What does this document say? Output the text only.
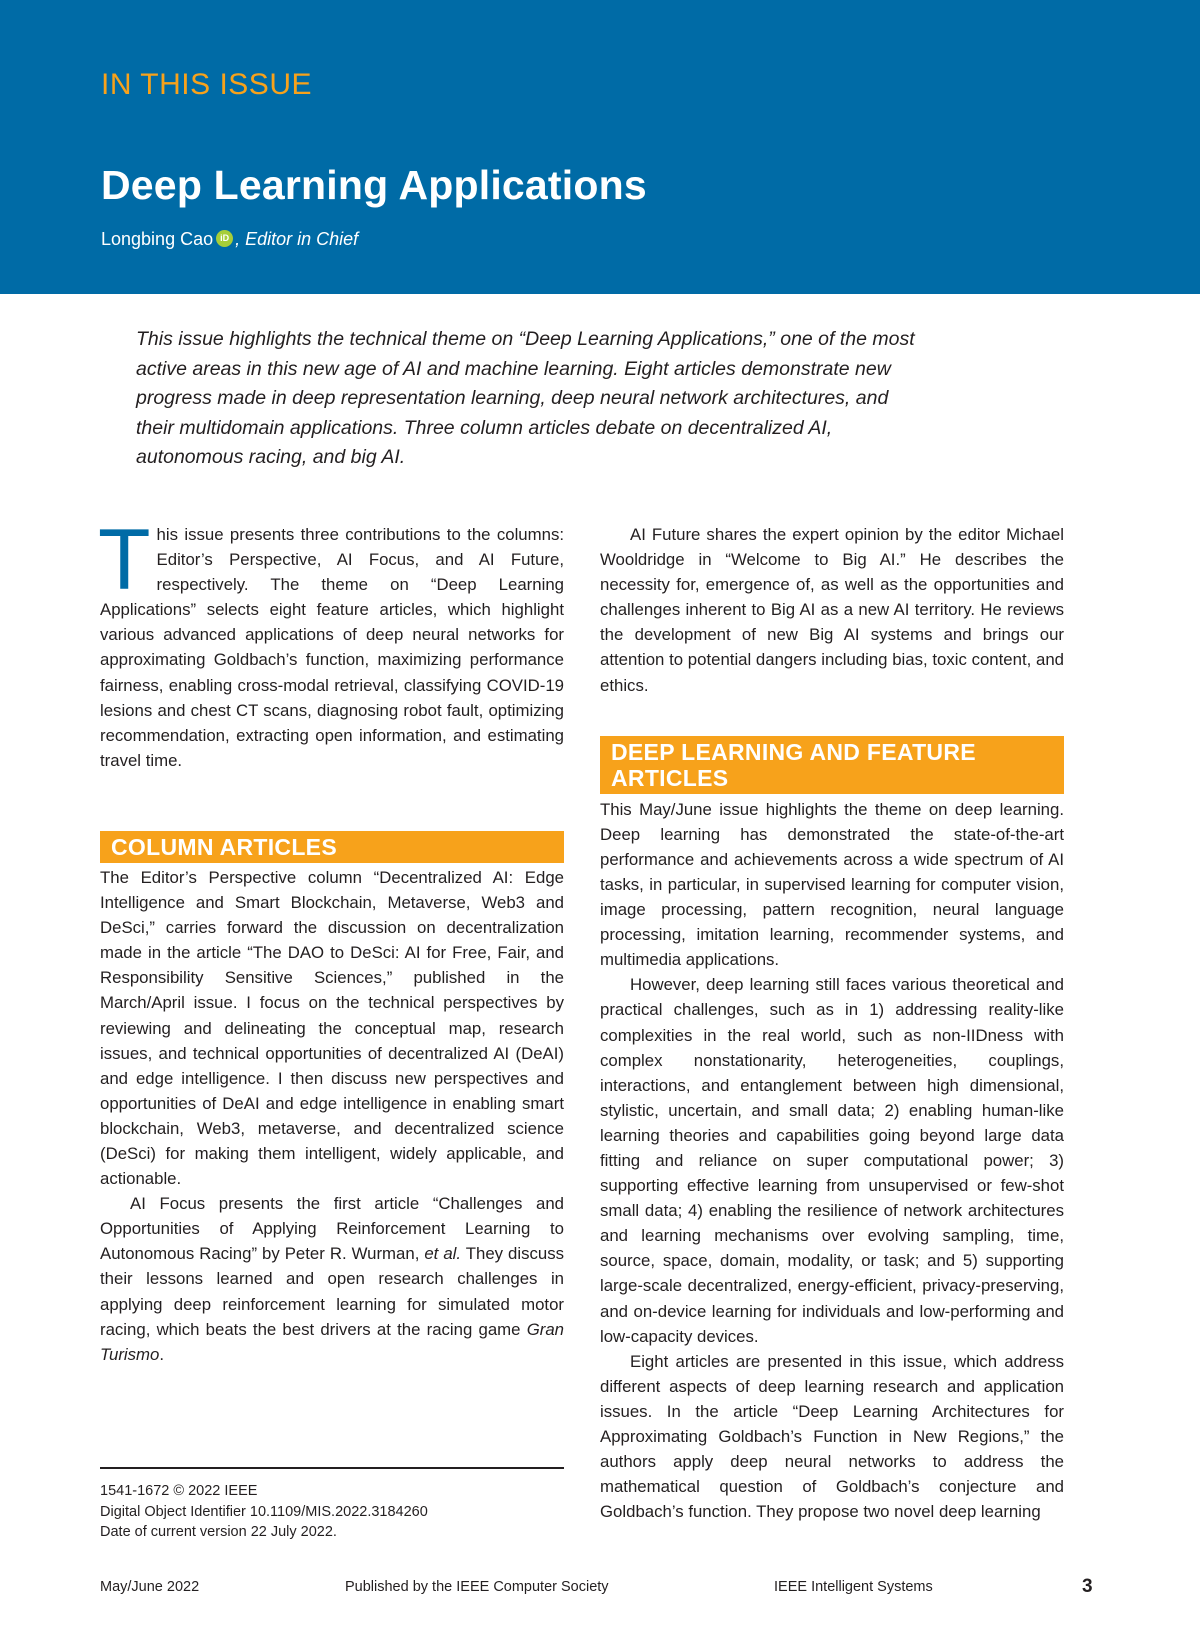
IN THIS ISSUE
Deep Learning Applications
Longbing Cao iD , Editor in Chief
This issue highlights the technical theme on “Deep Learning Applications,” one of the most active areas in this new age of AI and machine learning. Eight articles demonstrate new progress made in deep representation learning, deep neural network architectures, and their multidomain applications. Three column articles debate on decentralized AI, autonomous racing, and big AI.

This issue presents three contributions to the columns: Editor’s Perspective, AI Focus, and AI Future, respectively. The theme on “Deep Learning Applications” selects eight feature articles, which highlight various advanced applications of deep neural networks for approximating Goldbach’s function, maximizing performance fairness, enabling cross-modal retrieval, classifying COVID-19 lesions and chest CT scans, diagnosing robot fault, optimizing recommendation, extracting open information, and estimating travel time.

COLUMN ARTICLES

The Editor’s Perspective column “Decentralized AI: Edge Intelligence and Smart Blockchain, Metaverse, Web3 and DeSci,” carries forward the discussion on decentralization made in the article “The DAO to DeSci: AI for Free, Fair, and Responsibility Sensitive Sciences,” published in the March/April issue. I focus on the technical perspectives by reviewing and delineating the conceptual map, research issues, and technical opportunities of decentralized AI (DeAI) and edge intelligence. I then discuss new perspectives and opportunities of DeAI and edge intelligence in enabling smart blockchain, Web3, metaverse, and decentralized science (DeSci) for making them intelligent, widely applicable, and actionable.

AI Focus presents the first article “Challenges and Opportunities of Applying Reinforcement Learning to Autonomous Racing” by Peter R. Wurman, et al. They discuss their lessons learned and open research challenges in applying deep reinforcement learning for simulated motor racing, which beats the best drivers at the racing game Gran Turismo.

AI Future shares the expert opinion by the editor Michael Wooldridge in “Welcome to Big AI.” He describes the necessity for, emergence of, as well as the opportunities and challenges inherent to Big AI as a new AI territory. He reviews the development of new Big AI systems and brings our attention to potential dangers including bias, toxic content, and ethics.

DEEP LEARNING AND FEATURE ARTICLES

This May/June issue highlights the theme on deep learning. Deep learning has demonstrated the state-of-the-art performance and achievements across a wide spectrum of AI tasks, in particular, in supervised learning for computer vision, image processing, pattern recognition, neural language processing, imitation learning, recommender systems, and multimedia applications.

However, deep learning still faces various theoretical and practical challenges, such as in 1) addressing reality-like complexities in the real world, such as non-IIDness with complex nonstationarity, heterogeneities, couplings, interactions, and entanglement between high dimensional, stylistic, uncertain, and small data; 2) enabling human-like learning theories and capabilities going beyond large data fitting and reliance on super computational power; 3) supporting effective learning from unsupervised or few-shot small data; 4) enabling the resilience of network architectures and learning mechanisms over evolving sampling, time, source, space, domain, modality, or task; and 5) supporting large-scale decentralized, energy-efficient, privacy-preserving, and on-device learning for individuals and low-performing and low-capacity devices.

Eight articles are presented in this issue, which address different aspects of deep learning research and application issues. In the article “Deep Learning Architectures for Approximating Goldbach’s Function in New Regions,” the authors apply deep neural networks to address the mathematical question of Goldbach’s conjecture and Goldbach’s function. They propose two novel deep learning

1541-1672 © 2022 IEEE
Digital Object Identifier 10.1109/MIS.2022.3184260
Date of current version 22 July 2022.
May/June 2022	Published by the IEEE Computer Society	IEEE Intelligent Systems	3
